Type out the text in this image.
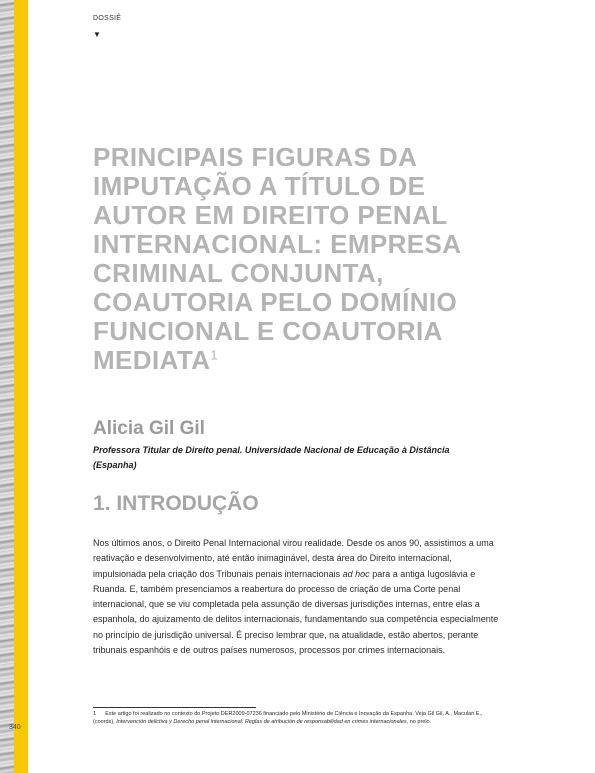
DOSSIÊ
▼
PRINCIPAIS FIGURAS DA
IMPUTAÇÃO A TÍTULO DE
AUTOR EM DIREITO PENAL
INTERNACIONAL: EMPRESA
CRIMINAL CONJUNTA,
COAUTORIA PELO DOMÍNIO
FUNCIONAL E COAUTORIA
MEDIATA$^1$
Alicia Gil Gil
Professora Titular de Direito penal. Universidade Nacional de Educação à Distância
(Espanha)
1. INTRODUÇÃO

Nos últimos anos, o Direito Penal Internacional virou realidade. Desde os anos 90, assistimos a uma reativação e desenvolvimento, até então inimaginável, desta área do Direito internacional, impulsionada pela criação dos Tribunais penais internacionais ad hoc para a antiga Iugoslávia e Ruanda. E, também presenciamos a reabertura do processo de criação de uma Corte penal internacional, que se viu completada pela assunção de diversas jurisdições internas, entre elas a espanhola, do ajuizamento de delitos internacionais, fundamentando sua competência especialmente no princípio de jurisdição universal. É preciso lembrar que, na atualidade, estão abertos, perante tribunais espanhóis e de outros países numerosos, processos por crimes internacionais.

1 Este artigo foi realizado no contexto do Projeto DER2009-07236 financiado pelo Ministério de Ciência e Inovação da Espanha. Veja Gil Gil, A., Maculan E., (coords), Intervención delictiva y Derecho penal internacional: Reglas de atribución de responsabilidad en crimes internacionales, no prelo.
340
